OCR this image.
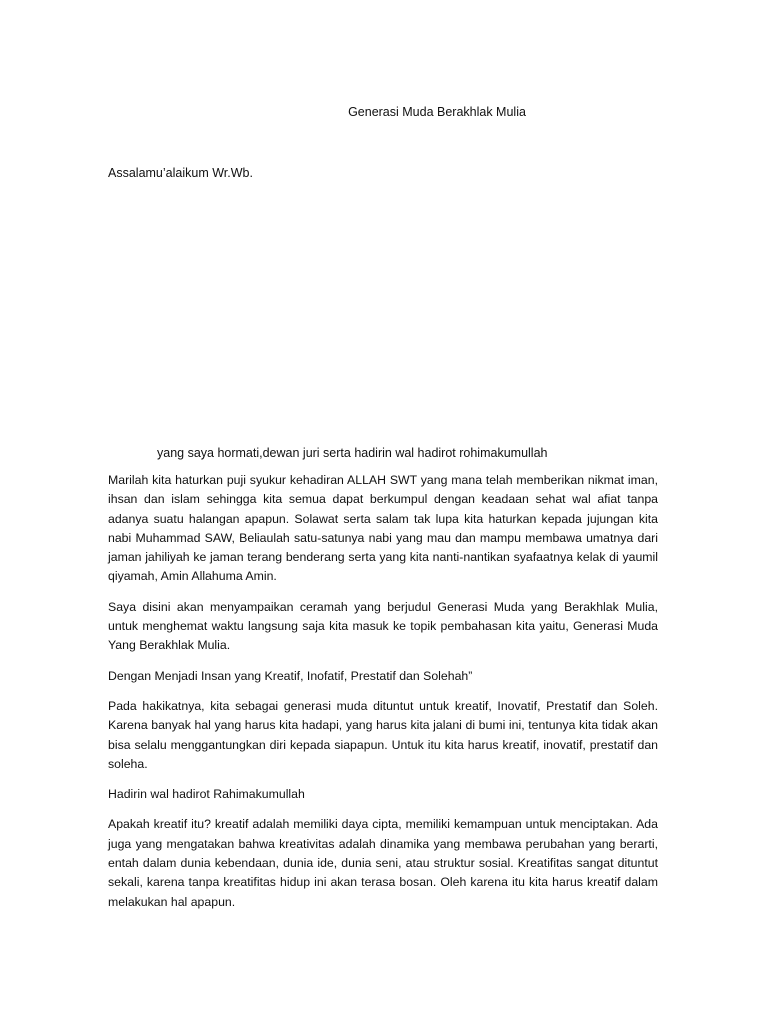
Generasi Muda Berakhlak Mulia
Assalamu’alaikum Wr.Wb.
yang saya hormati,dewan juri serta hadirin wal hadirot rohimakumullah

Marilah kita haturkan puji syukur kehadiran ALLAH SWT yang mana telah memberikan nikmat iman, ihsan dan islam sehingga kita semua dapat berkumpul dengan keadaan sehat wal afiat tanpa adanya suatu halangan apapun. Solawat serta salam tak lupa kita haturkan kepada jujungan kita nabi Muhammad SAW, Beliaulah satu-satunya nabi yang mau dan mampu membawa umatnya dari jaman jahiliyah ke jaman terang benderang serta yang kita nanti-nantikan syafaatnya kelak di yaumil qiyamah, Amin Allahuma Amin.

Saya disini akan menyampaikan ceramah yang berjudul Generasi Muda yang Berakhlak Mulia, untuk menghemat waktu langsung saja kita masuk ke topik pembahasan kita yaitu, Generasi Muda Yang Berakhlak Mulia.

Dengan Menjadi Insan yang Kreatif, Inofatif, Prestatif dan Solehah”

Pada hakikatnya, kita sebagai generasi muda dituntut untuk kreatif, Inovatif, Prestatif dan Soleh. Karena banyak hal yang harus kita hadapi, yang harus kita jalani di bumi ini, tentunya kita tidak akan bisa selalu menggantungkan diri kepada siapapun. Untuk itu kita harus kreatif, inovatif, prestatif dan soleha.

Hadirin wal hadirot Rahimakumullah

Apakah kreatif itu? kreatif adalah memiliki daya cipta, memiliki kemampuan untuk menciptakan. Ada juga yang mengatakan bahwa kreativitas adalah dinamika yang membawa perubahan yang berarti, entah dalam dunia kebendaan, dunia ide, dunia seni, atau struktur sosial. Kreatifitas sangat dituntut sekali, karena tanpa kreatifitas hidup ini akan terasa bosan. Oleh karena itu kita harus kreatif dalam melakukan hal apapun.
